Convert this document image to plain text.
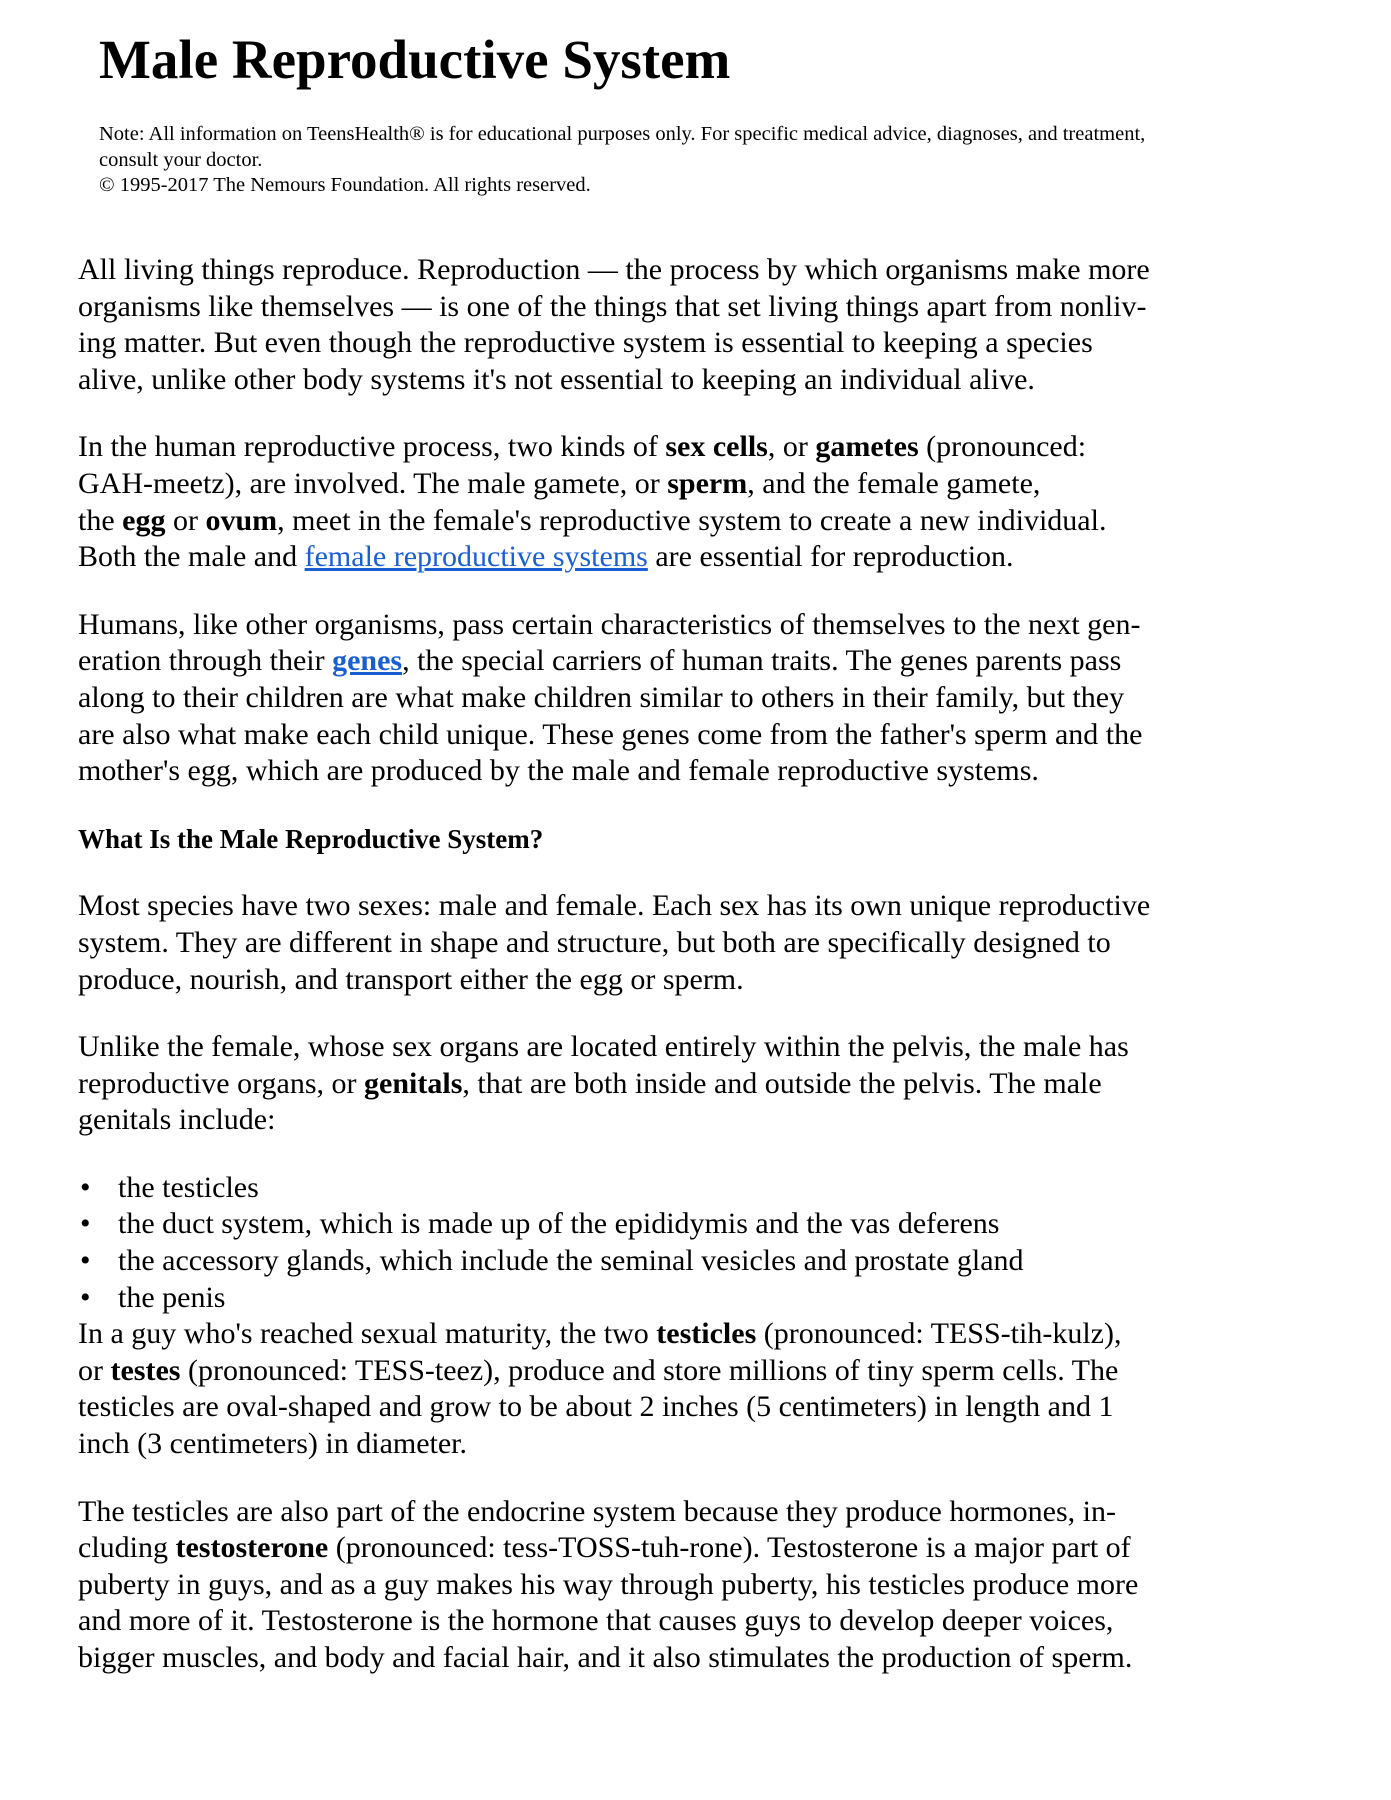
Male Reproductive System
Note: All information on TeensHealth® is for educational purposes only. For specific medical advice, diagnoses, and treatment,
consult your doctor.
© 1995-2017 The Nemours Foundation. All rights reserved.

All living things reproduce. Reproduction — the process by which organisms make more
organisms like themselves — is one of the things that set living things apart from nonliv-
ing matter. But even though the reproductive system is essential to keeping a species
alive, unlike other body systems it's not essential to keeping an individual alive.

In the human reproductive process, two kinds of sex cells, or gametes (pronounced:
GAH-meetz), are involved. The male gamete, or sperm, and the female gamete,
the egg or ovum, meet in the female's reproductive system to create a new individual.
Both the male and female reproductive systems are essential for reproduction.

Humans, like other organisms, pass certain characteristics of themselves to the next gen-
eration through their genes, the special carriers of human traits. The genes parents pass
along to their children are what make children similar to others in their family, but they
are also what make each child unique. These genes come from the father's sperm and the
mother's egg, which are produced by the male and female reproductive systems.

What Is the Male Reproductive System?

Most species have two sexes: male and female. Each sex has its own unique reproductive
system. They are different in shape and structure, but both are specifically designed to
produce, nourish, and transport either the egg or sperm.

Unlike the female, whose sex organs are located entirely within the pelvis, the male has
reproductive organs, or genitals, that are both inside and outside the pelvis. The male
genitals include:

• the testicles
• the duct system, which is made up of the epididymis and the vas deferens
• the accessory glands, which include the seminal vesicles and prostate gland
• the penis

In a guy who's reached sexual maturity, the two testicles (pronounced: TESS-tih-kulz),
or testes (pronounced: TESS-teez), produce and store millions of tiny sperm cells. The
testicles are oval-shaped and grow to be about 2 inches (5 centimeters) in length and 1
inch (3 centimeters) in diameter.

The testicles are also part of the endocrine system because they produce hormones, in-
cluding testosterone (pronounced: tess-TOSS-tuh-rone). Testosterone is a major part of
puberty in guys, and as a guy makes his way through puberty, his testicles produce more
and more of it. Testosterone is the hormone that causes guys to develop deeper voices,
bigger muscles, and body and facial hair, and it also stimulates the production of sperm.
